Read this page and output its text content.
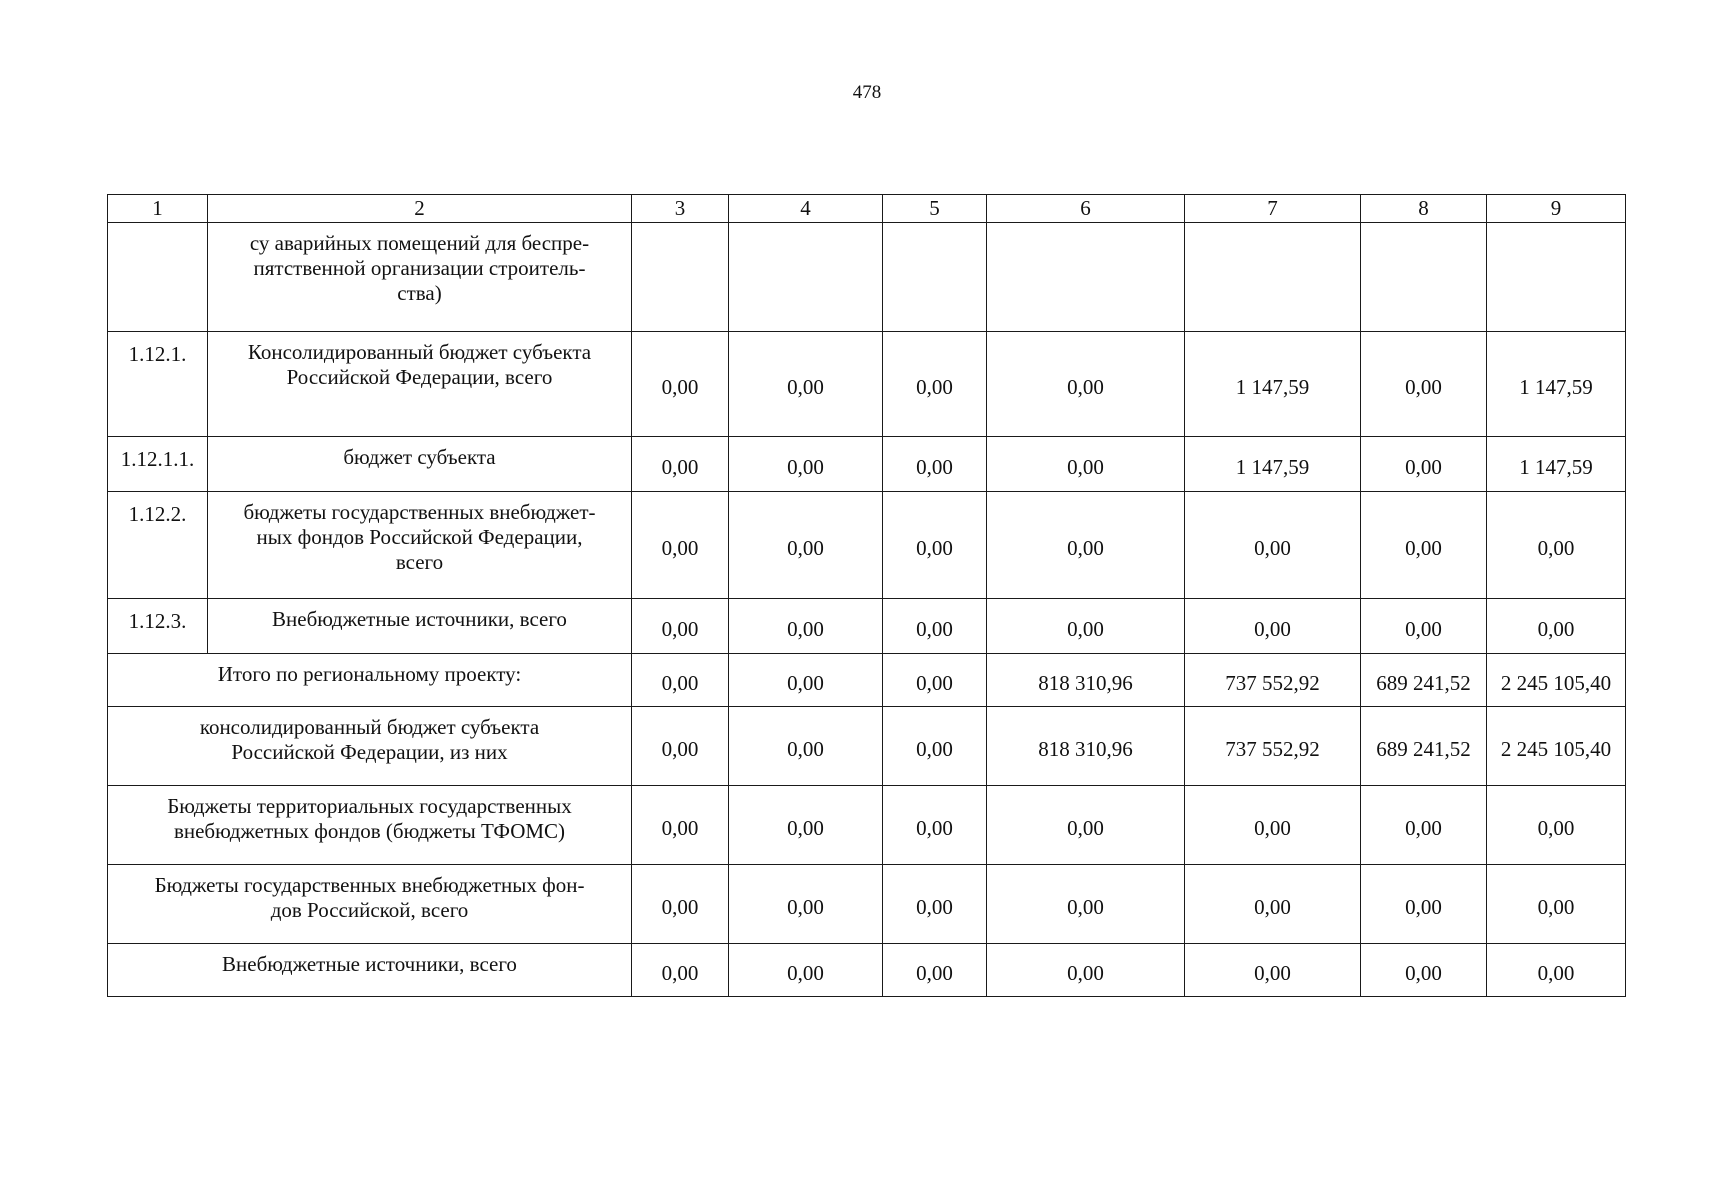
478
1	2	3	4	5	6	7	8	9

	су аварийных помещений для беспре-
пятственной организации строитель-
ства)							

1.12.1.	Консолидированный бюджет субъекта
Российской Федерации, всего	0,00	0,00	0,00	0,00	1 147,59	0,00	1 147,59
1.12.1.1.	бюджет субъекта	0,00	0,00	0,00	0,00	1 147,59	0,00	1 147,59
1.12.2.	бюджеты государственных внебюджет-
ных фондов Российской Федерации,
всего	0,00	0,00	0,00	0,00	0,00	0,00	0,00
1.12.3.	Внебюджетные источники, всего	0,00	0,00	0,00	0,00	0,00	0,00	0,00

Итого по региональному проекту:		0,00	0,00	0,00	818 310,96	737 552,92	689 241,52	2 245 105,40

консолидированный бюджет субъекта
Российской Федерации, из них		0,00	0,00	0,00	818 310,96	737 552,92	689 241,52	2 245 105,40

Бюджеты территориальных государственных
внебюджетных фондов (бюджеты ТФОМС)		0,00	0,00	0,00	0,00	0,00	0,00	0,00

Бюджеты государственных внебюджетных фон-
дов Российской, всего		0,00	0,00	0,00	0,00	0,00	0,00	0,00

Внебюджетные источники, всего		0,00	0,00	0,00	0,00	0,00	0,00	0,00
